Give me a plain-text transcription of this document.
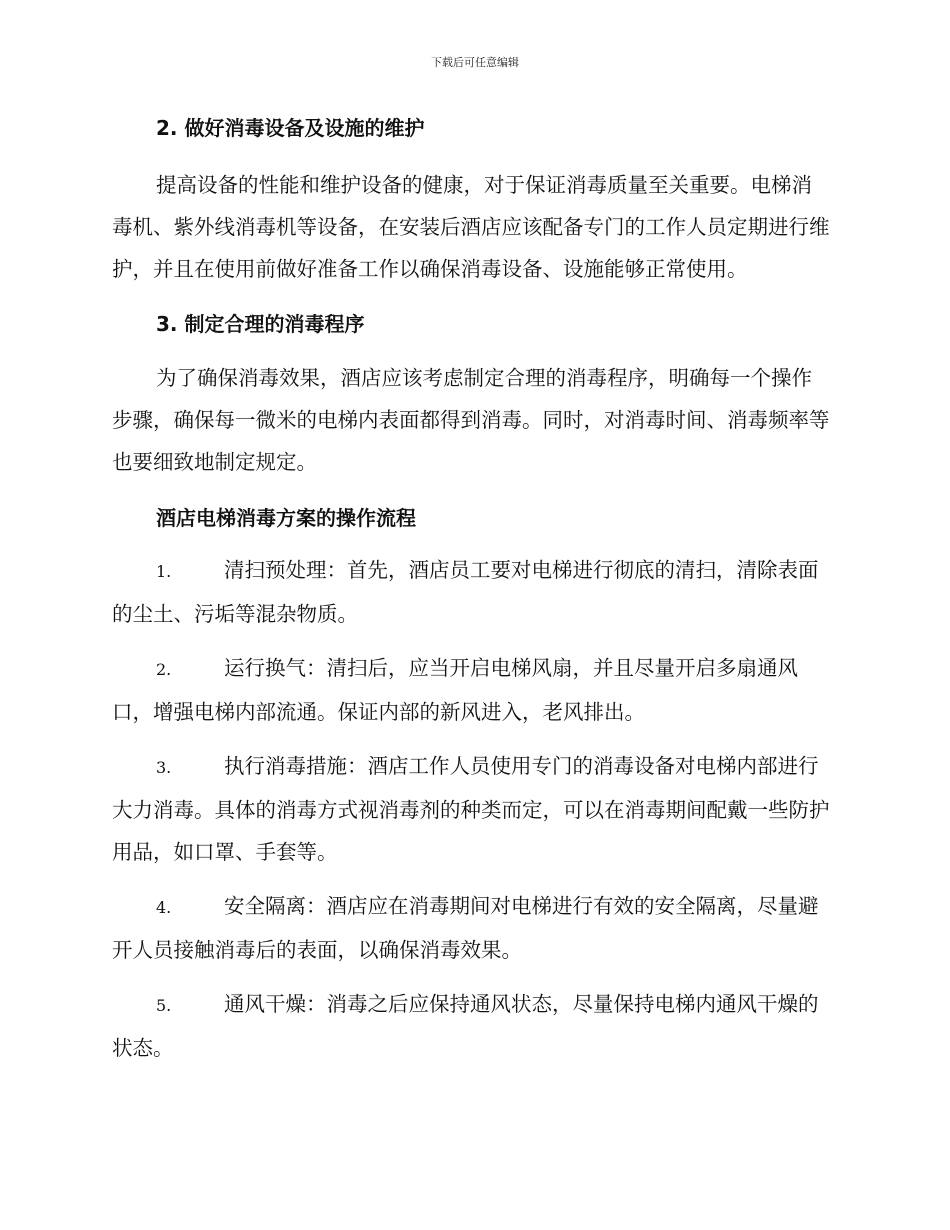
下载后可任意编辑
2. 做好消毒设备及设施的维护

提高设备的性能和维护设备的健康，对于保证消毒质量至关重要。电梯消毒机、紫外线消毒机等设备，在安装后酒店应该配备专门的工作人员定期进行维护，并且在使用前做好准备工作以确保消毒设备、设施能够正常使用。

3. 制定合理的消毒程序

为了确保消毒效果，酒店应该考虑制定合理的消毒程序，明确每一个操作步骤，确保每一微米的电梯内表面都得到消毒。同时，对消毒时间、消毒频率等也要细致地制定规定。

酒店电梯消毒方案的操作流程
1.	清扫预处理：首先，酒店员工要对电梯进行彻底的清扫，清除表面的尘土、污垢等混杂物质。
2.	运行换气：清扫后，应当开启电梯风扇，并且尽量开启多扇通风口，增强电梯内部流通。保证内部的新风进入，老风排出。
3.	执行消毒措施：酒店工作人员使用专门的消毒设备对电梯内部进行大力消毒。具体的消毒方式视消毒剂的种类而定，可以在消毒期间配戴一些防护用品，如口罩、手套等。
4.	安全隔离：酒店应在消毒期间对电梯进行有效的安全隔离，尽量避开人员接触消毒后的表面，以确保消毒效果。
5.	通风干燥：消毒之后应保持通风状态，尽量保持电梯内通风干燥的状态。
